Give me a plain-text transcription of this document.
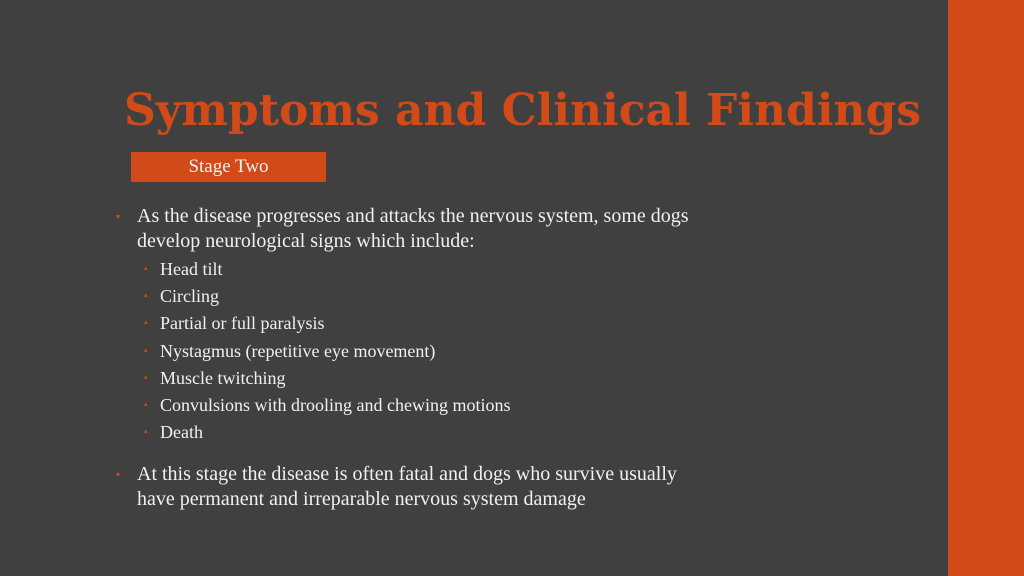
Symptoms and Clinical Findings
Stage Two
▪ As the disease progresses and attacks the nervous system, some dogs
develop neurological signs which include:
▪ Head tilt
▪ Circling
▪ Partial or full paralysis
▪ Nystagmus (repetitive eye movement)
▪ Muscle twitching
▪ Convulsions with drooling and chewing motions
▪ Death
▪ At this stage the disease is often fatal and dogs who survive usually
have permanent and irreparable nervous system damage
